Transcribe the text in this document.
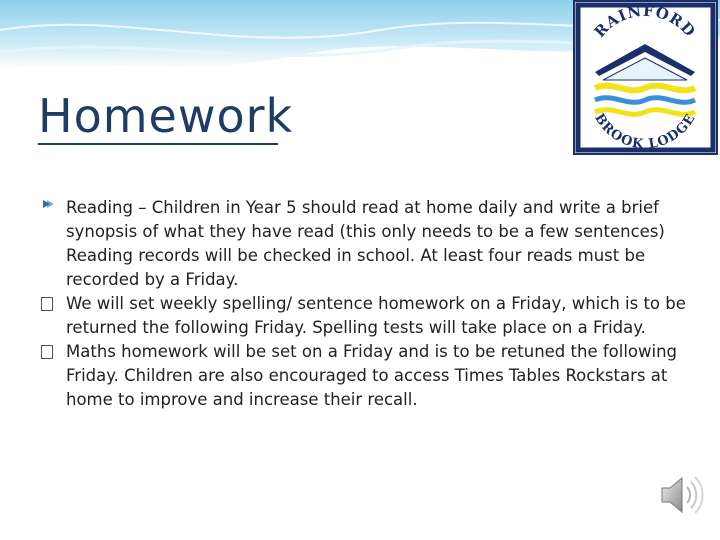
Homework
RAINFORD
BROOK LODGE

Reading – Children in Year 5 should read at home daily and write a brief synopsis of what they have read (this only needs to be a few sentences) Reading records will be checked in school. At least four reads must be recorded by a Friday.

We will set weekly spelling/ sentence homework on a Friday, which is to be returned the following Friday. Spelling tests will take place on a Friday.

Maths homework will be set on a Friday and is to be retuned the following Friday. Children are also encouraged to access Times Tables Rockstars at home to improve and increase their recall.
